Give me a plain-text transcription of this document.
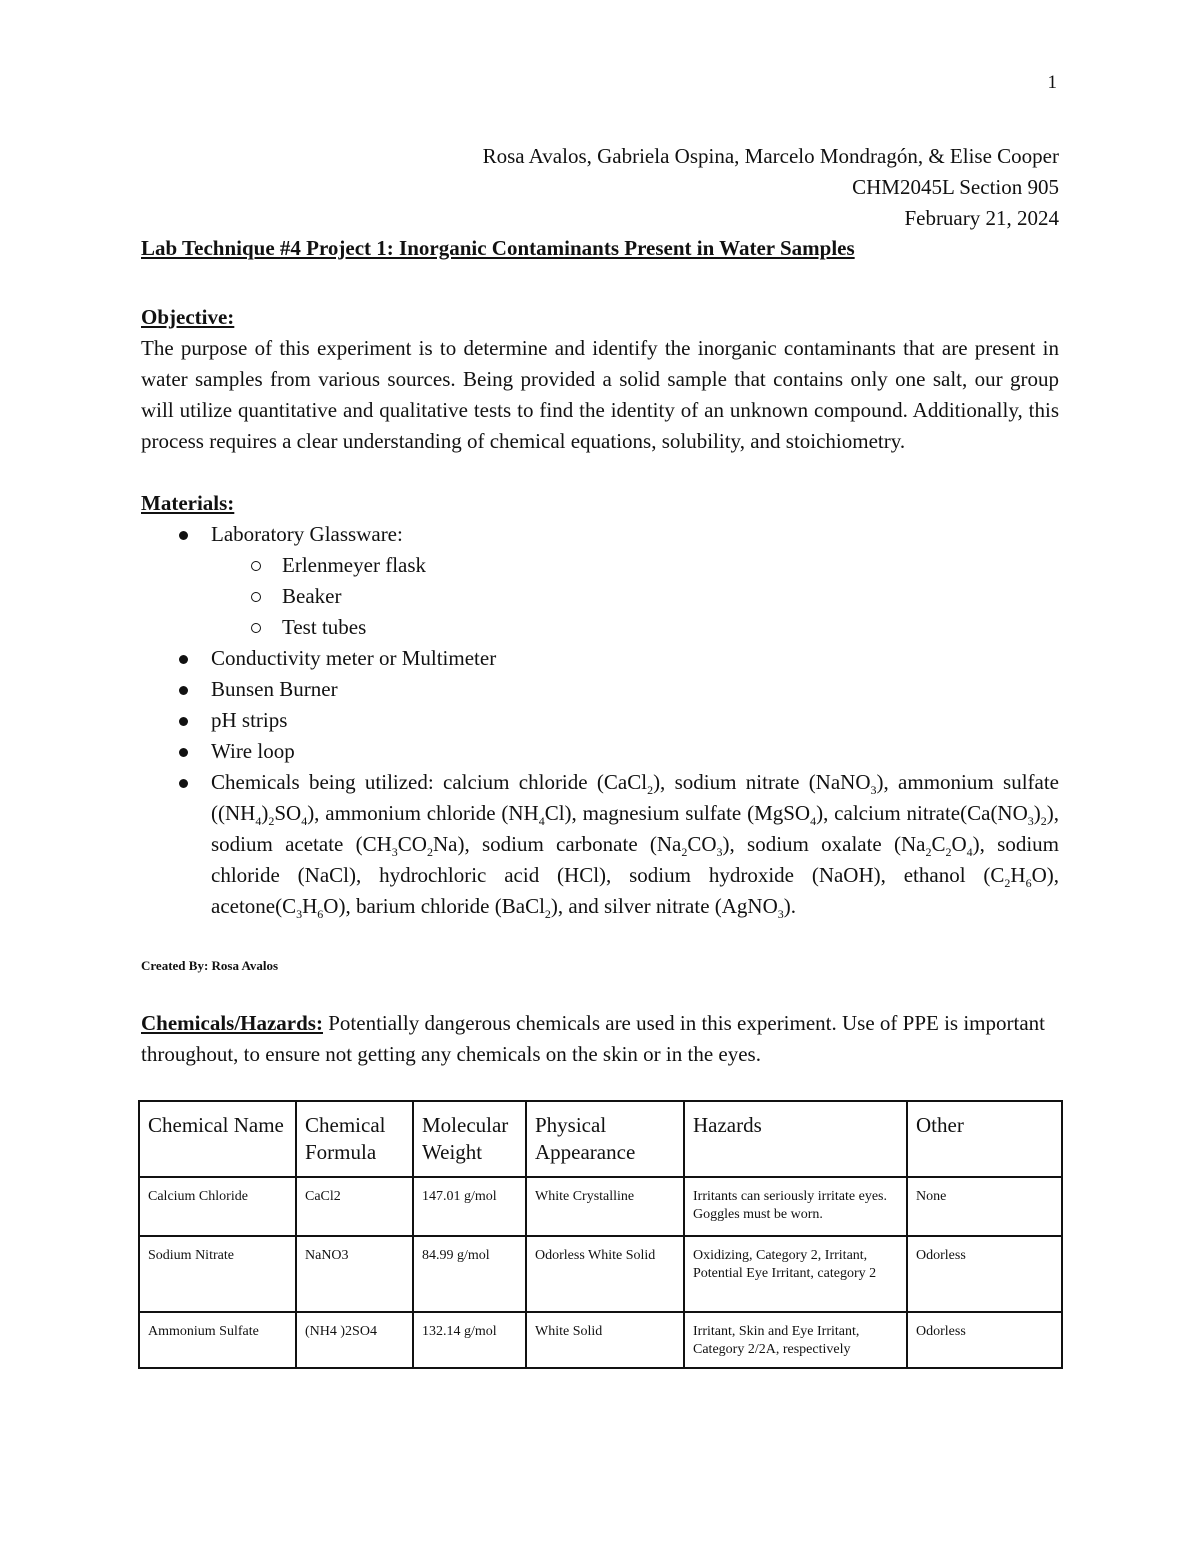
1
Rosa Avalos, Gabriela Ospina, Marcelo Mondragón, & Elise Cooper
CHM2045L Section 905
February 21, 2024
Lab Technique #4 Project 1: Inorganic Contaminants Present in Water Samples
Objective:

The purpose of this experiment is to determine and identify the inorganic contaminants that are present in water samples from various sources. Being provided a solid sample that contains only one salt, our group will utilize quantitative and qualitative tests to find the identity of an unknown compound. Additionally, this process requires a clear understanding of chemical equations, solubility, and stoichiometry.

Materials:
Laboratory Glassware:
Erlenmeyer flask
Beaker
Test tubes
Conductivity meter or Multimeter
Bunsen Burner
pH strips
Wire loop
Chemicals being utilized: calcium chloride (CaCl$_2$), sodium nitrate (NaNO$_3$), ammonium sulfate $((NH_4)_2SO_4)$, ammonium chloride $(NH_4Cl)$, magnesium sulfate (MgSO$_4$), calcium $nitrate(Ca(NO_3)_2)$, sodium acetate $(CH_3CO_2Na)$, sodium carbonate $(Na_2CO_3)$, sodium oxalate $(Na_2C_2O_4)$, sodium chloride (NaCl), hydrochloric acid (HCl), sodium hydroxide (NaOH), ethanol $(C_2H_6O)$, $acetone(C_3H_6O)$, barium chloride (BaCl$_2$), and silver nitrate (AgNO$_3$).
Created By: Rosa Avalos

Chemicals/Hazards: Potentially dangerous chemicals are used in this experiment. Use of PPE is important throughout, to ensure not getting any chemicals on the skin or in the eyes.

Chemical Name	Chemical Formula	Molecular Weight	Physical Appearance	Hazards	Other
Calcium Chloride	CaCl2	147.01 g/mol	White Crystalline	Irritants can seriously irritate eyes. Goggles must be worn.	None
Sodium Nitrate	NaNO3	84.99 g/mol	Odorless White Solid	Oxidizing, Category 2, Irritant, Potential Eye Irritant, category 2	Odorless
Ammonium Sulfate	(NH4 )2SO4	132.14 g/mol	White Solid	Irritant, Skin and Eye Irritant, Category 2/2A, respectively	Odorless
